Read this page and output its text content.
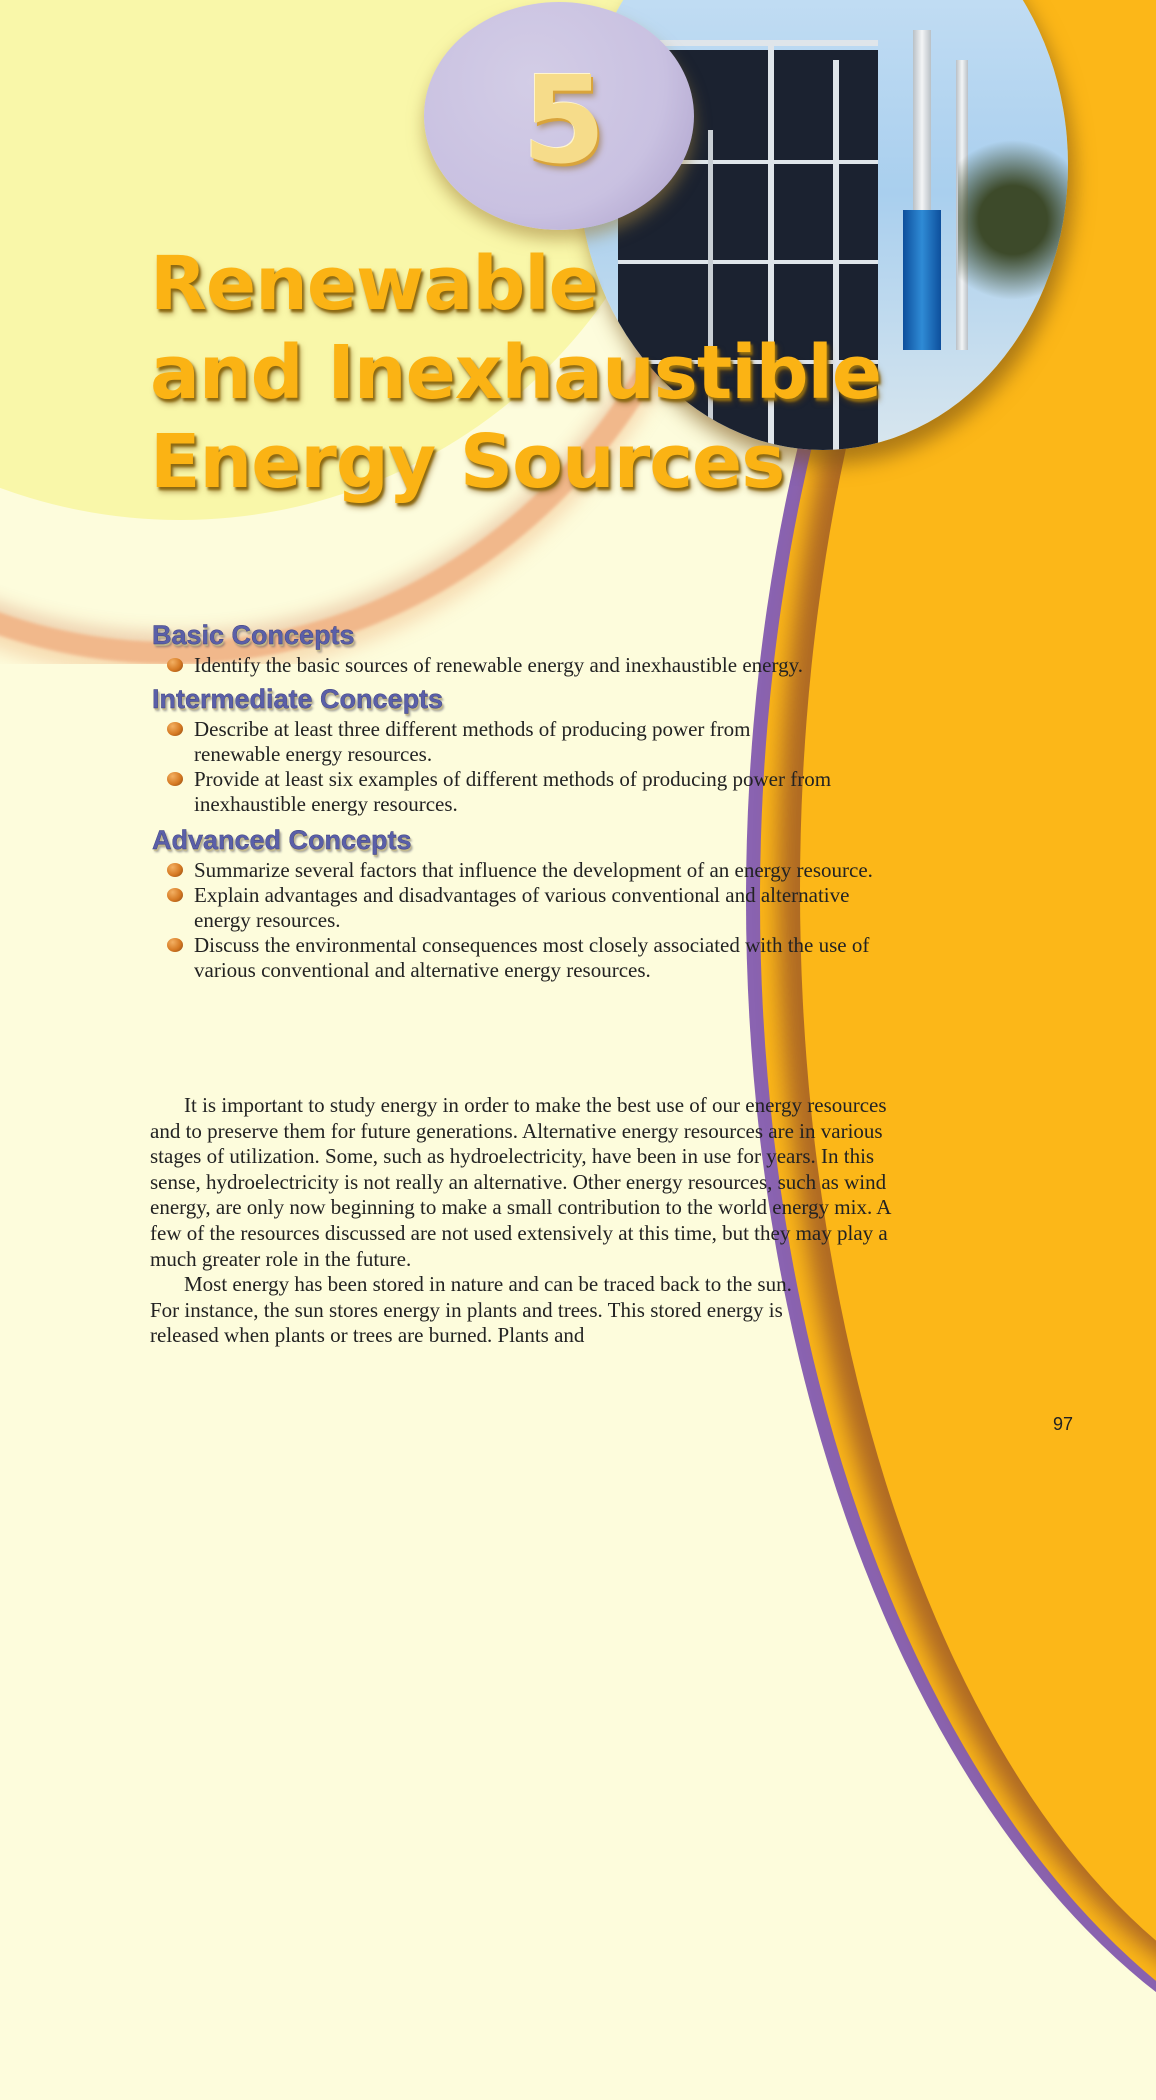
5
Renewable
and Inexhaustible
Energy Sources
Basic Concepts
Identify the basic sources of renewable energy and inexhaustible energy.
Intermediate Concepts
Describe at least three different methods of producing power from renewable energy resources.
Provide at least six examples of different methods of producing power from inexhaustible energy resources.
Advanced Concepts
Summarize several factors that influence the development of an energy resource.
Explain advantages and disadvantages of various conventional and alternative energy resources.
Discuss the environmental consequences most closely associated with the use of various conventional and alternative energy resources.

It is important to study energy in order to make the best use of our energy resources and to preserve them for future generations. Alternative energy resources are in various stages of utilization. Some, such as hydroelectricity, have been in use for years. In this sense, hydroelectricity is not really an alternative. Other energy resources, such as wind energy, are only now beginning to make a small contribution to the world energy mix. A few of the resources discussed are not used extensively at this time, but they may play a much greater role in the future.

Most energy has been stored in nature and can be traced back to the sun. For instance, the sun stores energy in plants and trees. This stored energy is released when plants or trees are burned. Plants and

97
